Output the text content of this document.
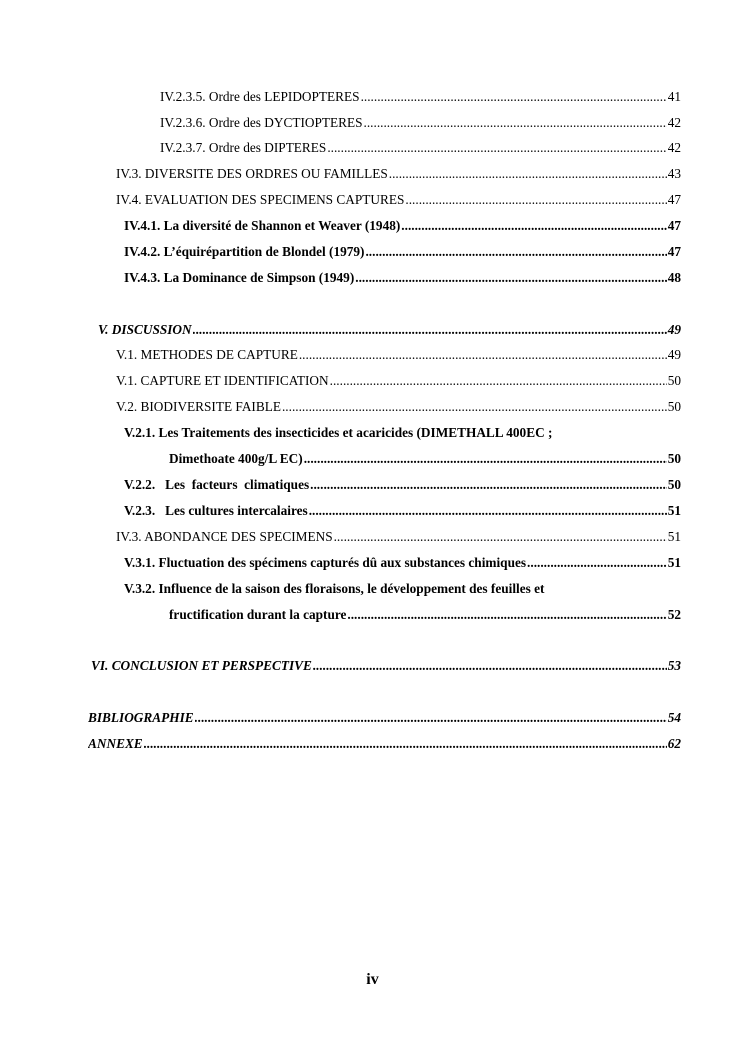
IV.2.3.5. Ordre des LEPIDOPTERES .....	41
IV.2.3.6. Ordre des DYCTIOPTERES .....	42
IV.2.3.7. Ordre des DIPTERES .....	42
IV.3. DIVERSITE DES ORDRES OU FAMILLES .....	43
IV.4. EVALUATION DES SPECIMENS CAPTURES .....	47
IV.4.1. La diversité de Shannon et Weaver (1948) .....	47
IV.4.2. L’équirépartition de Blondel (1979) .....	47
IV.4.3. La Dominance de Simpson (1949) .....	48
V. DISCUSSION .....	49
V.1. METHODES DE CAPTURE .....	49
V.1. CAPTURE ET IDENTIFICATION .....	50
V.2. BIODIVERSITE FAIBLE .....	50
V.2.1. Les Traitements des insecticides et acaricides (DIMETHALL 400EC ;
Dimethoate 400g/L EC) .....	50
V.2.2.   Les  facteurs  climatiques .....	50
V.2.3.   Les cultures intercalaires .....	51
IV.3. ABONDANCE DES SPECIMENS .....	51
V.3.1. Fluctuation des spécimens capturés dû aux substances chimiques .....	51
V.3.2. Influence de la saison des floraisons, le développement des feuilles et
fructification durant la capture .....	52
VI. CONCLUSION ET PERSPECTIVE .....	53
BIBLIOGRAPHIE .....	54
ANNEXE .....	62
iv
